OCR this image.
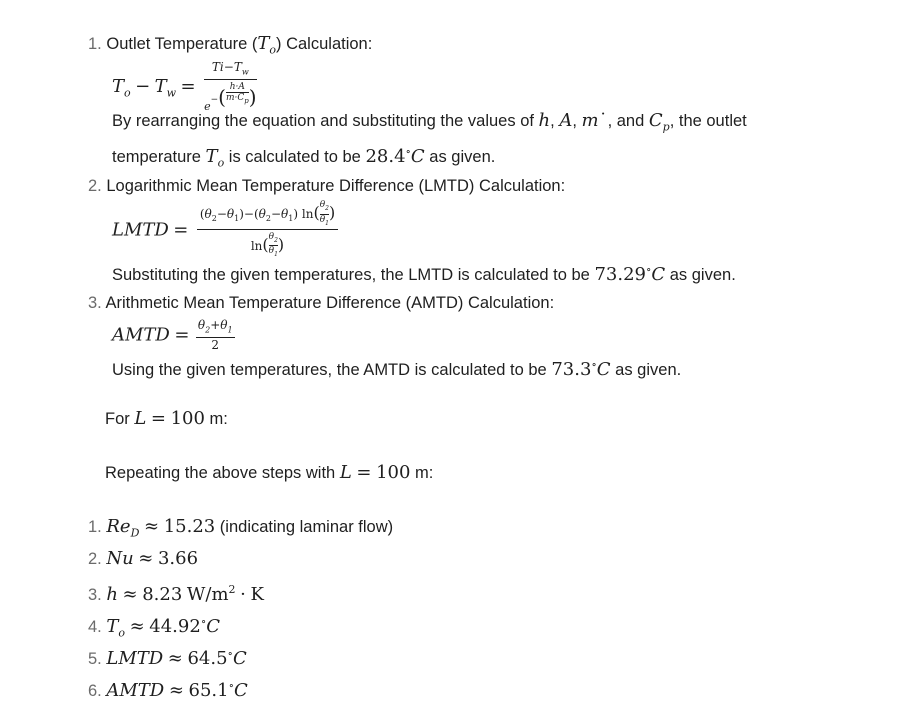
1. Outlet Temperature $(T_o)$ Calculation:
$T_o - T_w = \frac{Ti-T_w}{e^-( \frac{h\cdot A}{m\cdot C_p} )}$
By rearranging the equation and substituting the values of h, A, m˙, and $C_p$, the outlet
temperature $T_o$ is calculated to be 28.4∘C as given.
2. Logarithmic Mean Temperature Difference (LMTD) Calculation:
LMTD = $\frac{(\theta_2-\theta_1)-(\theta_2-\theta_1) \ln( \frac{\theta_2}{\theta_1} )}{\ln( \frac{\theta_2}{\theta_1} )}$
Substituting the given temperatures, the LMTD is calculated to be 73.29∘C as given.
3. Arithmetic Mean Temperature Difference (AMTD) Calculation:
AMTD = $\frac{\theta_2+\theta_1}{2}$
Using the given temperatures, the AMTD is calculated to be 73.3∘C as given.
For L = 100 m:
Repeating the above steps with L = 100 m:
1. $Re_D \approx 15.23$ (indicating laminar flow)
2. Nu ≈ 3.66
3. h ≈ 8.23 $W/m^2 \cdot K$
4. $T_o \approx 44.92^\circ C$
5. LMTD ≈ 64.5∘C
6. AMTD ≈ 65.1∘C
